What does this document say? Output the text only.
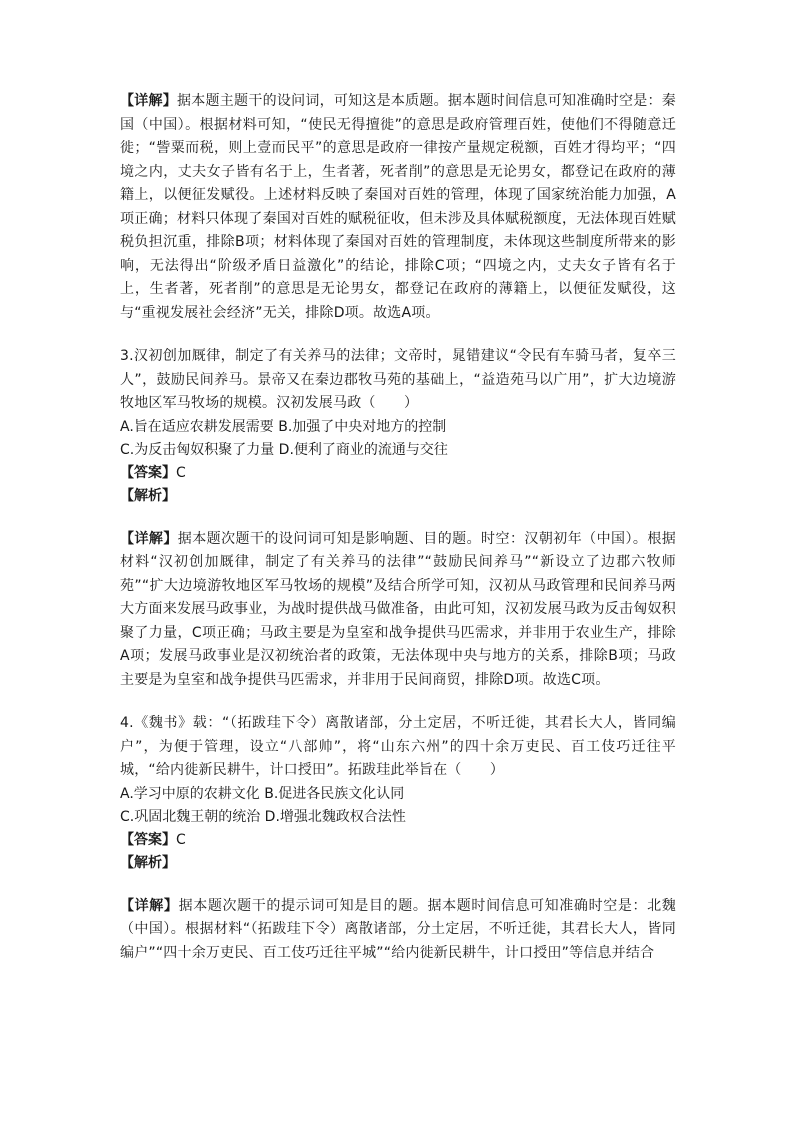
【详解】据本题主题干的设问词，可知这是本质题。据本题时间信息可知准确时空是：秦国（中国）。根据材料可知，“使民无得擅徙”的意思是政府管理百姓，使他们不得随意迁徙；“訾粟而税，则上壹而民平”的意思是政府一律按产量规定税额，百姓才得均平；“四境之内，丈夫女子皆有名于上，生者著，死者削”的意思是无论男女，都登记在政府的薄籍上，以便征发赋役。上述材料反映了秦国对百姓的管理，体现了国家统治能力加强，A项正确；材料只体现了秦国对百姓的赋税征收，但未涉及具体赋税额度，无法体现百姓赋税负担沉重，排除B项；材料体现了秦国对百姓的管理制度，未体现这些制度所带来的影响，无法得出“阶级矛盾日益激化”的结论，排除C项；“四境之内，丈夫女子皆有名于上，生者著，死者削”的意思是无论男女，都登记在政府的薄籍上，以便征发赋役，这与“重视发展社会经济”无关，排除D项。故选A项。

3.汉初创加厩律，制定了有关养马的法律；文帝时，晁错建议“令民有车骑马者，复卒三人”，鼓励民间养马。景帝又在秦边郡牧马苑的基础上，“益造苑马以广用”，扩大边境游牧地区军马牧场的规模。汉初发展马政（　　）

A.旨在适应农耕发展需要 B.加强了中央对地方的控制

C.为反击匈奴积聚了力量 D.便利了商业的流通与交往

【答案】C

【解析】

【详解】据本题次题干的设问词可知是影响题、目的题。时空：汉朝初年（中国）。根据材料“汉初创加厩律，制定了有关养马的法律”“鼓励民间养马”“新设立了边郡六牧师苑”“扩大边境游牧地区军马牧场的规模”及结合所学可知，汉初从马政管理和民间养马两大方面来发展马政事业，为战时提供战马做准备，由此可知，汉初发展马政为反击匈奴积聚了力量，C项正确；马政主要是为皇室和战争提供马匹需求，并非用于农业生产，排除A项；发展马政事业是汉初统治者的政策，无法体现中央与地方的关系，排除B项；马政主要是为皇室和战争提供马匹需求，并非用于民间商贸，排除D项。故选C项。

4.《魏书》载：“（拓跋珪下令）离散诸部，分土定居，不听迁徙，其君长大人，皆同编户”，为便于管理，设立“八部帅”，将“山东六州”的四十余万吏民、百工伎巧迁往平城，“给内徙新民耕牛，计口授田”。拓跋珪此举旨在（　　）

A.学习中原的农耕文化 B.促进各民族文化认同

C.巩固北魏王朝的统治 D.增强北魏政权合法性

【答案】C

【解析】

【详解】据本题次题干的提示词可知是目的题。据本题时间信息可知准确时空是：北魏（中国）。根据材料“（拓跋珪下令）离散诸部，分土定居，不听迁徙，其君长大人，皆同编户”“四十余万吏民、百工伎巧迁往平城”“给内徙新民耕牛，计口授田”等信息并结合
